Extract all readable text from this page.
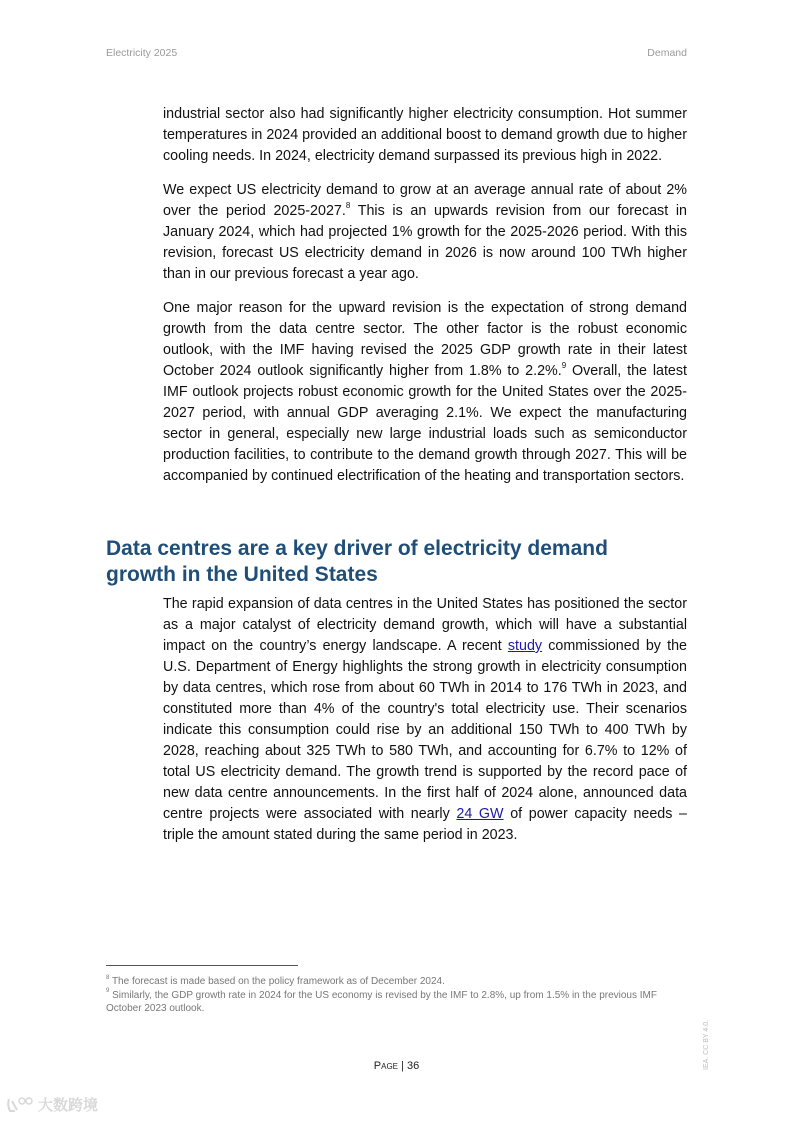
Electricity 2025	Demand

industrial sector also had significantly higher electricity consumption. Hot summer temperatures in 2024 provided an additional boost to demand growth due to higher cooling needs. In 2024, electricity demand surpassed its previous high in 2022.

We expect US electricity demand to grow at an average annual rate of about 2% over the period 2025-2027.$^8$ This is an upwards revision from our forecast in January 2024, which had projected 1% growth for the 2025-2026 period. With this revision, forecast US electricity demand in 2026 is now around 100 TWh higher than in our previous forecast a year ago.

One major reason for the upward revision is the expectation of strong demand growth from the data centre sector. The other factor is the robust economic outlook, with the IMF having revised the 2025 GDP growth rate in their latest October 2024 outlook significantly higher from 1.8% to 2.2%.$^9$ Overall, the latest IMF outlook projects robust economic growth for the United States over the 2025-2027 period, with annual GDP averaging 2.1%. We expect the manufacturing sector in general, especially new large industrial loads such as semiconductor production facilities, to contribute to the demand growth through 2027. This will be accompanied by continued electrification of the heating and transportation sectors.

Data centres are a key driver of electricity demand growth in the United States

The rapid expansion of data centres in the United States has positioned the sector as a major catalyst of electricity demand growth, which will have a substantial impact on the country’s energy landscape. A recent study commissioned by the U.S. Department of Energy highlights the strong growth in electricity consumption by data centres, which rose from about 60 TWh in 2014 to 176 TWh in 2023, and constituted more than 4% of the country's total electricity use. Their scenarios indicate this consumption could rise by an additional 150 TWh to 400 TWh by 2028, reaching about 325 TWh to 580 TWh, and accounting for 6.7% to 12% of total US electricity demand. The growth trend is supported by the record pace of new data centre announcements. In the first half of 2024 alone, announced data centre projects were associated with nearly 24 GW of power capacity needs – triple the amount stated during the same period in 2023.

$^8$ The forecast is made based on the policy framework as of December 2024.

$^9$ Similarly, the GDP growth rate in 2024 for the US economy is revised by the IMF to 2.8%, up from 1.5% in the previous IMF October 2023 outlook.

IEA. CC BY 4.0.
Page | 36
大数跨境
